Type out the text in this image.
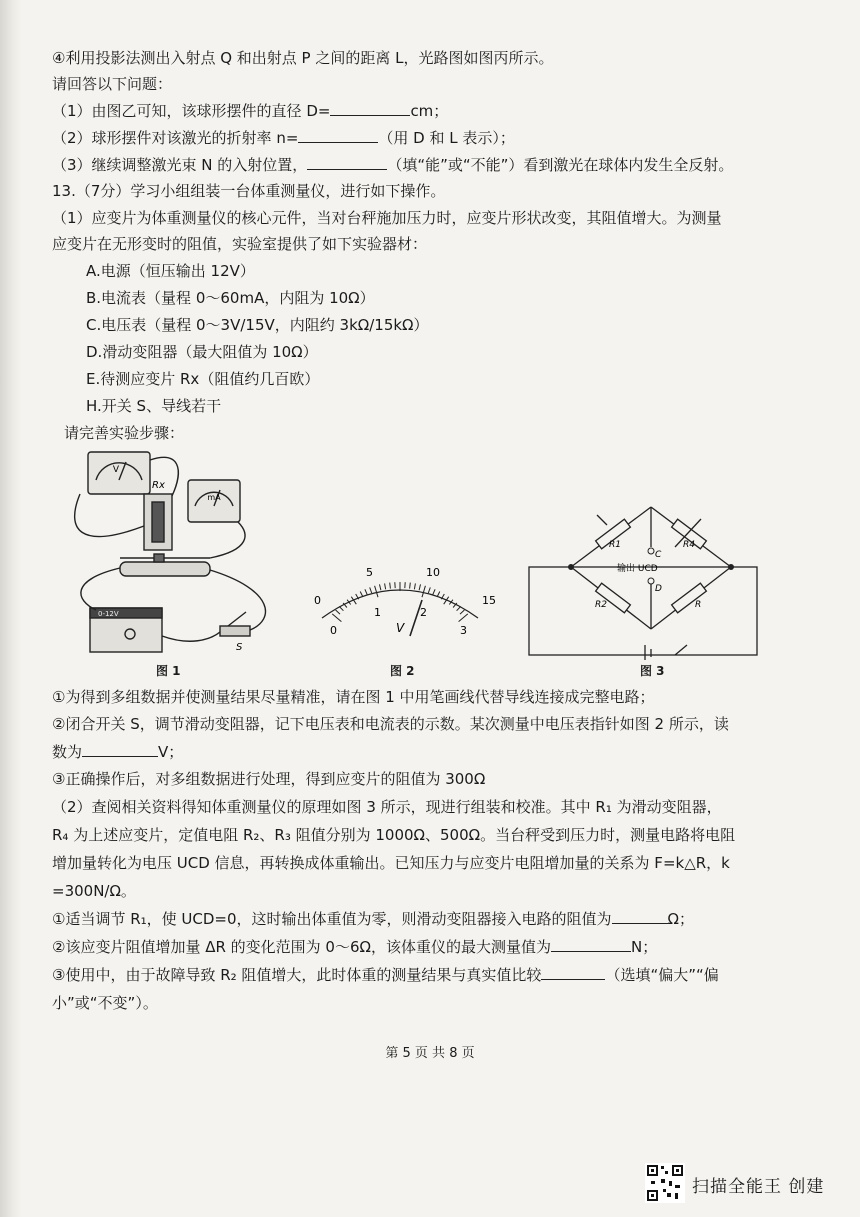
④利用投影法测出入射点 Q 和出射点 P 之间的距离 L，光路图如图丙所示。
请回答以下问题：
（1）由图乙可知，该球形摆件的直径 D=	cm；
（2）球形摆件对该激光的折射率 n=	（用 D 和 L 表示）；
（3）继续调整激光束 N 的入射位置，	（填“能”或“不能”）看到激光在球体内发生全反射。
13.（7分）学习小组组装一台体重测量仪，进行如下操作。
（1）应变片为体重测量仪的核心元件，当对台秤施加压力时，应变片形状改变，其阻值增大。为测量
应变片在无形变时的阻值，实验室提供了如下实验器材：
A.电源（恒压输出 12V）
B.电流表（量程 0～60mA，内阻为 10Ω）
C.电压表（量程 0～3V/15V，内阻约 3kΩ/15kΩ）
D.滑动变阻器（最大阻值为 10Ω）
E.待测应变片 Rx（阻值约几百欧）
H.开关 S、导线若干
请完善实验步骤：
V
mA
Rx
0-12V
S
图 1
0
5	10
15
0
1	2
3
V
图 2
R1	R4
R2	R
C
D
输出 UCD
图 3
①为得到多组数据并使测量结果尽量精准，请在图 1 中用笔画线代替导线连接成完整电路；
②闭合开关 S，调节滑动变阻器，记下电压表和电流表的示数。某次测量中电压表指针如图 2 所示，读
数为	V；
③正确操作后，对多组数据进行处理，得到应变片的阻值为 300Ω
（2）查阅相关资料得知体重测量仪的原理如图 3 所示，现进行组装和校准。其中 R₁ 为滑动变阻器，
R₄ 为上述应变片，定值电阻 R₂、R₃ 阻值分别为 1000Ω、500Ω。当台秤受到压力时，测量电路将电阻
增加量转化为电压 UCD 信息，再转换成体重输出。已知压力与应变片电阻增加量的关系为 F=k△R，k
=300N/Ω。
①适当调节 R₁，使 UCD=0，这时输出体重值为零，则滑动变阻器接入电路的阻值为	Ω；
②该应变片阻值增加量 ΔR 的变化范围为 0～6Ω，该体重仪的最大测量值为	N；
③使用中，由于故障导致 R₂ 阻值增大，此时体重的测量结果与真实值比较	（选填“偏大”“偏
小”或“不变”）。
第 5 页 共 8 页
扫描全能王 创建
